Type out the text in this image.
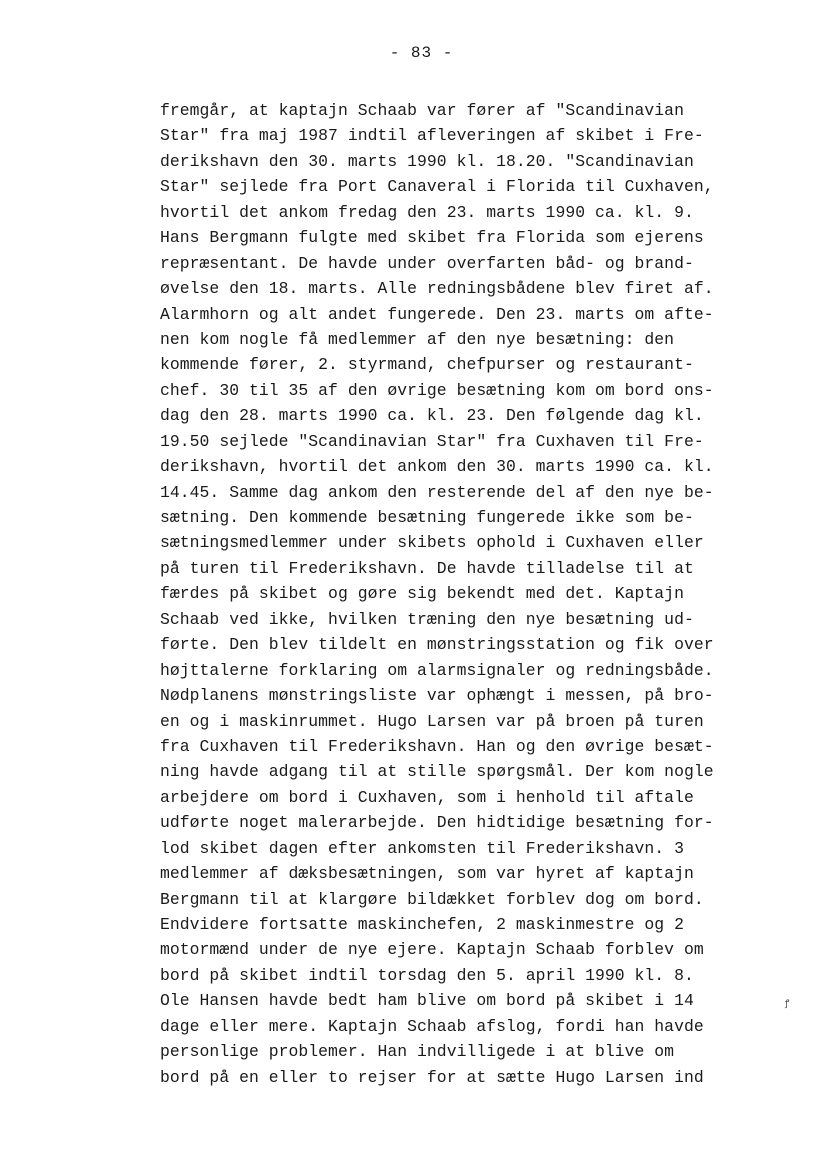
- 83 -
fremgår, at kaptajn Schaab var fører af "Scandinavian
Star" fra maj 1987 indtil afleveringen af skibet i Fre-
derikshavn den 30. marts 1990 kl. 18.20. "Scandinavian
Star" sejlede fra Port Canaveral i Florida til Cuxhaven,
hvortil det ankom fredag den 23. marts 1990 ca. kl. 9.
Hans Bergmann fulgte med skibet fra Florida som ejerens
repræsentant. De havde under overfarten båd- og brand-
øvelse den 18. marts. Alle redningsbådene blev firet af.
Alarmhorn og alt andet fungerede. Den 23. marts om afte-
nen kom nogle få medlemmer af den nye besætning: den
kommende fører, 2. styrmand, chefpurser og restaurant-
chef. 30 til 35 af den øvrige besætning kom om bord ons-
dag den 28. marts 1990 ca. kl. 23. Den følgende dag kl.
19.50 sejlede "Scandinavian Star" fra Cuxhaven til Fre-
derikshavn, hvortil det ankom den 30. marts 1990 ca. kl.
14.45. Samme dag ankom den resterende del af den nye be-
sætning. Den kommende besætning fungerede ikke som be-
sætningsmedlemmer under skibets ophold i Cuxhaven eller
på turen til Frederikshavn. De havde tilladelse til at
færdes på skibet og gøre sig bekendt med det. Kaptajn
Schaab ved ikke, hvilken træning den nye besætning ud-
førte. Den blev tildelt en mønstringsstation og fik over
højttalerne forklaring om alarmsignaler og redningsbåde.
Nødplanens mønstringsliste var ophængt i messen, på bro-
en og i maskinrummet. Hugo Larsen var på broen på turen
fra Cuxhaven til Frederikshavn. Han og den øvrige besæt-
ning havde adgang til at stille spørgsmål. Der kom nogle
arbejdere om bord i Cuxhaven, som i henhold til aftale
udførte noget malerarbejde. Den hidtidige besætning for-
lod skibet dagen efter ankomsten til Frederikshavn. 3
medlemmer af dæksbesætningen, som var hyret af kaptajn
Bergmann til at klargøre bildækket forblev dog om bord.
Endvidere fortsatte maskinchefen, 2 maskinmestre og 2
motormænd under de nye ejere. Kaptajn Schaab forblev om
bord på skibet indtil torsdag den 5. april 1990 kl. 8.
Ole Hansen havde bedt ham blive om bord på skibet i 14
dage eller mere. Kaptajn Schaab afslog, fordi han havde
personlige problemer. Han indvilligede i at blive om
bord på en eller to rejser for at sætte Hugo Larsen ind
ꝭ
